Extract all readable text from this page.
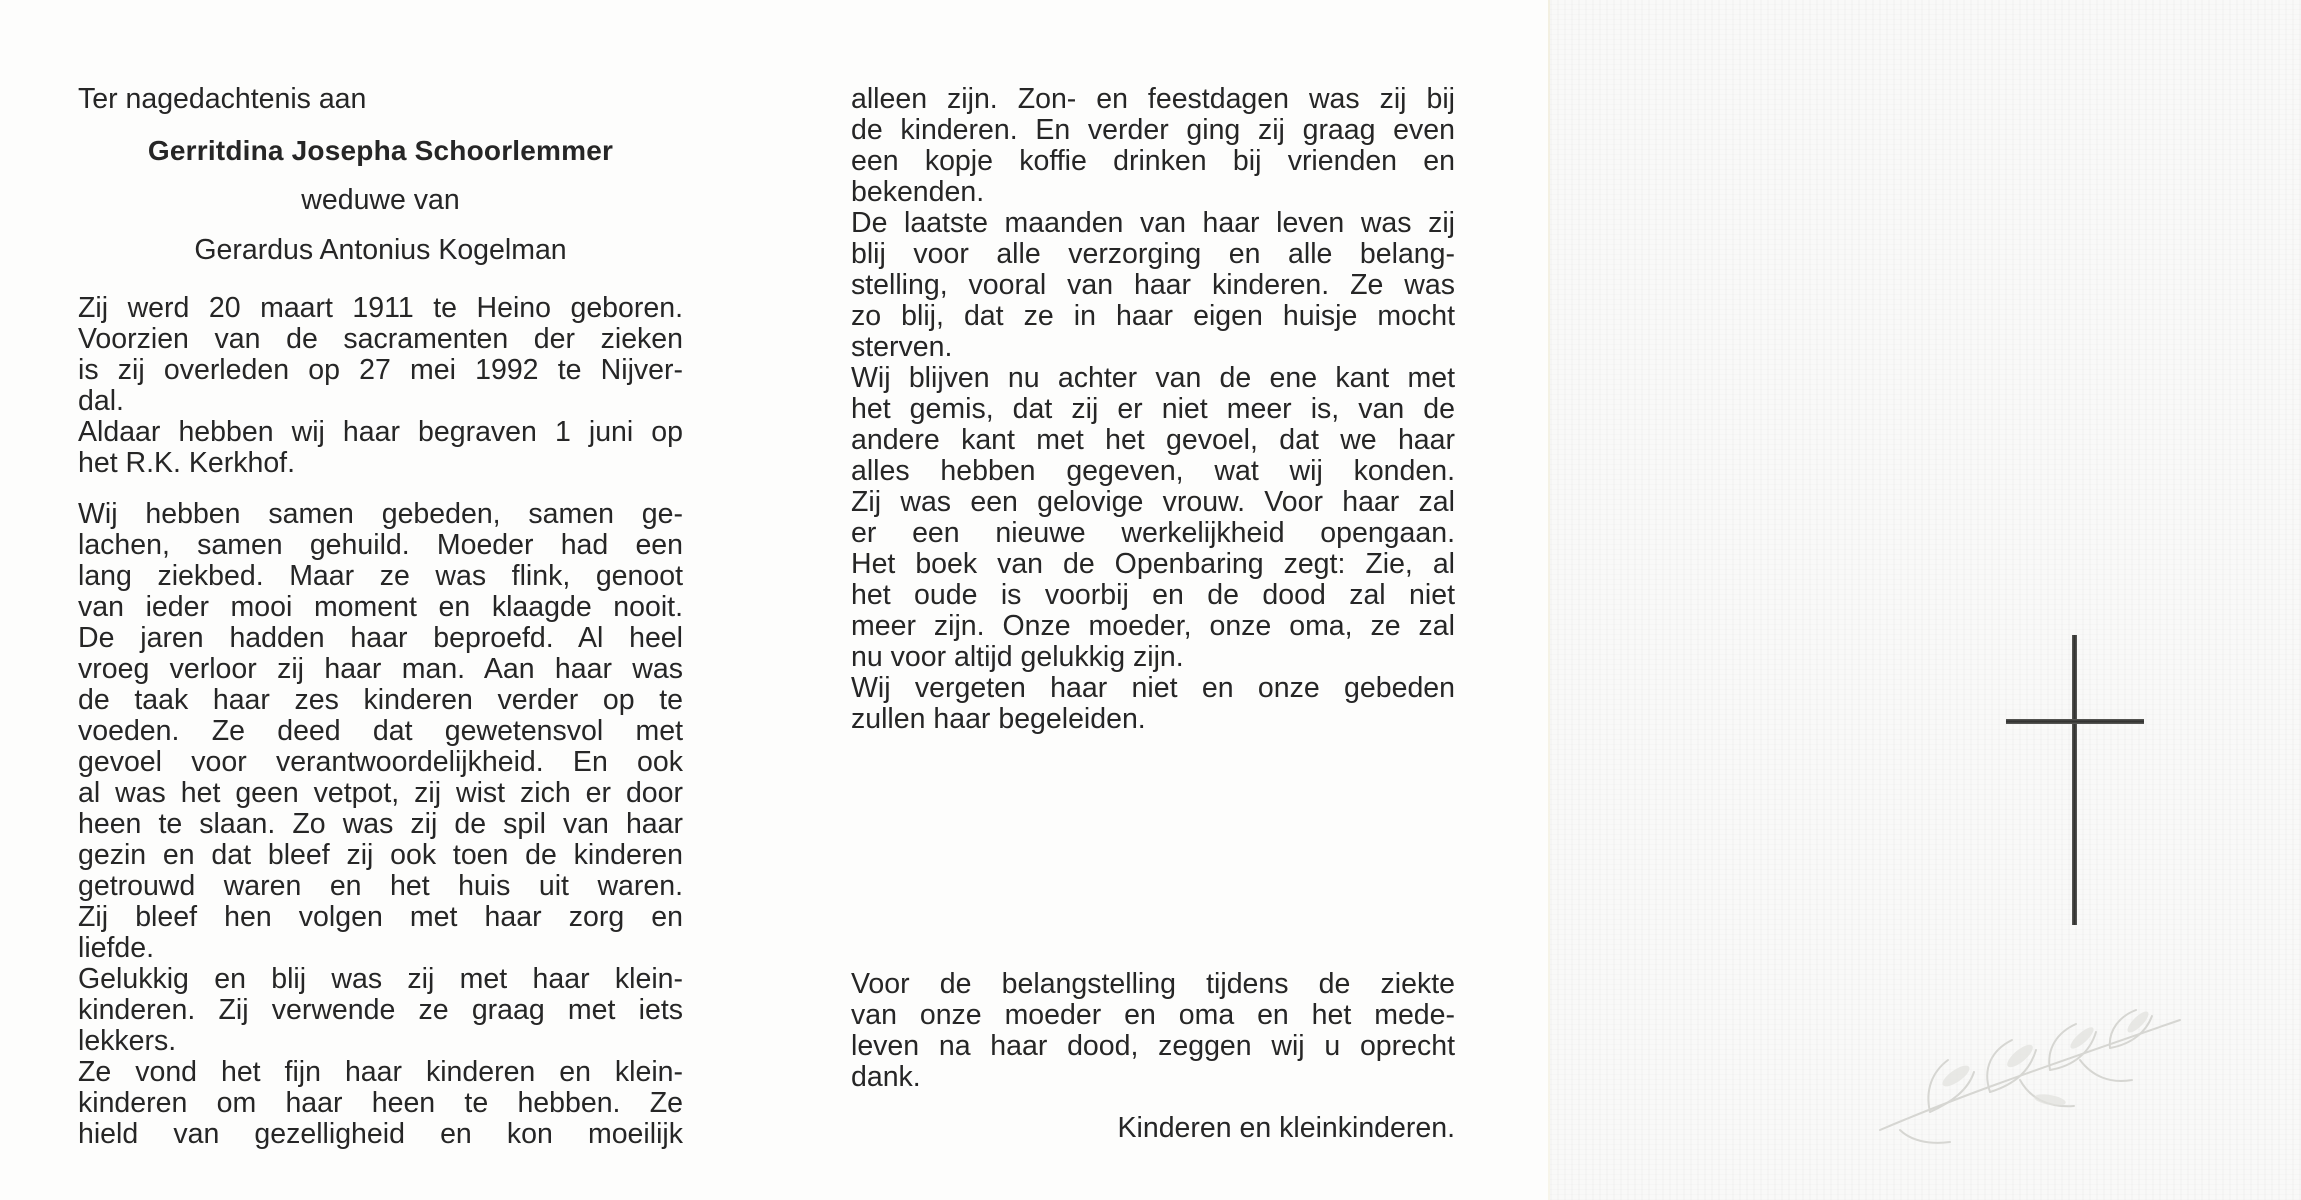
Ter nagedachtenis aan
Gerritdina Josepha Schoorlemmer
weduwe van
Gerardus Antonius Kogelman
Zij werd 20 maart 1911 te Heino geboren.
Voorzien van de sacramenten der zieken
is zij overleden op 27 mei 1992 te Nijver-
dal.
Aldaar hebben wij haar begraven 1 juni op
het R.K. Kerkhof.
Wij hebben samen gebeden, samen ge-
lachen, samen gehuild. Moeder had een
lang ziekbed. Maar ze was flink, genoot
van ieder mooi moment en klaagde nooit.
De jaren hadden haar beproefd. Al heel
vroeg verloor zij haar man. Aan haar was
de taak haar zes kinderen verder op te
voeden. Ze deed dat gewetensvol met
gevoel voor verantwoordelijkheid. En ook
al was het geen vetpot, zij wist zich er door
heen te slaan. Zo was zij de spil van haar
gezin en dat bleef zij ook toen de kinderen
getrouwd waren en het huis uit waren.
Zij bleef hen volgen met haar zorg en
liefde.
Gelukkig en blij was zij met haar klein-
kinderen. Zij verwende ze graag met iets
lekkers.
Ze vond het fijn haar kinderen en klein-
kinderen om haar heen te hebben. Ze
hield van gezelligheid en kon moeilijk
alleen zijn. Zon- en feestdagen was zij bij
de kinderen. En verder ging zij graag even
een kopje koffie drinken bij vrienden en
bekenden.
De laatste maanden van haar leven was zij
blij voor alle verzorging en alle belang-
stelling, vooral van haar kinderen. Ze was
zo blij, dat ze in haar eigen huisje mocht
sterven.
Wij blijven nu achter van de ene kant met
het gemis, dat zij er niet meer is, van de
andere kant met het gevoel, dat we haar
alles hebben gegeven, wat wij konden.
Zij was een gelovige vrouw. Voor haar zal
er een nieuwe werkelijkheid opengaan.
Het boek van de Openbaring zegt: Zie, al
het oude is voorbij en de dood zal niet
meer zijn. Onze moeder, onze oma, ze zal
nu voor altijd gelukkig zijn.
Wij vergeten haar niet en onze gebeden
zullen haar begeleiden.
Voor de belangstelling tijdens de ziekte
van onze moeder en oma en het mede-
leven na haar dood, zeggen wij u oprecht
dank.
Kinderen en kleinkinderen.
